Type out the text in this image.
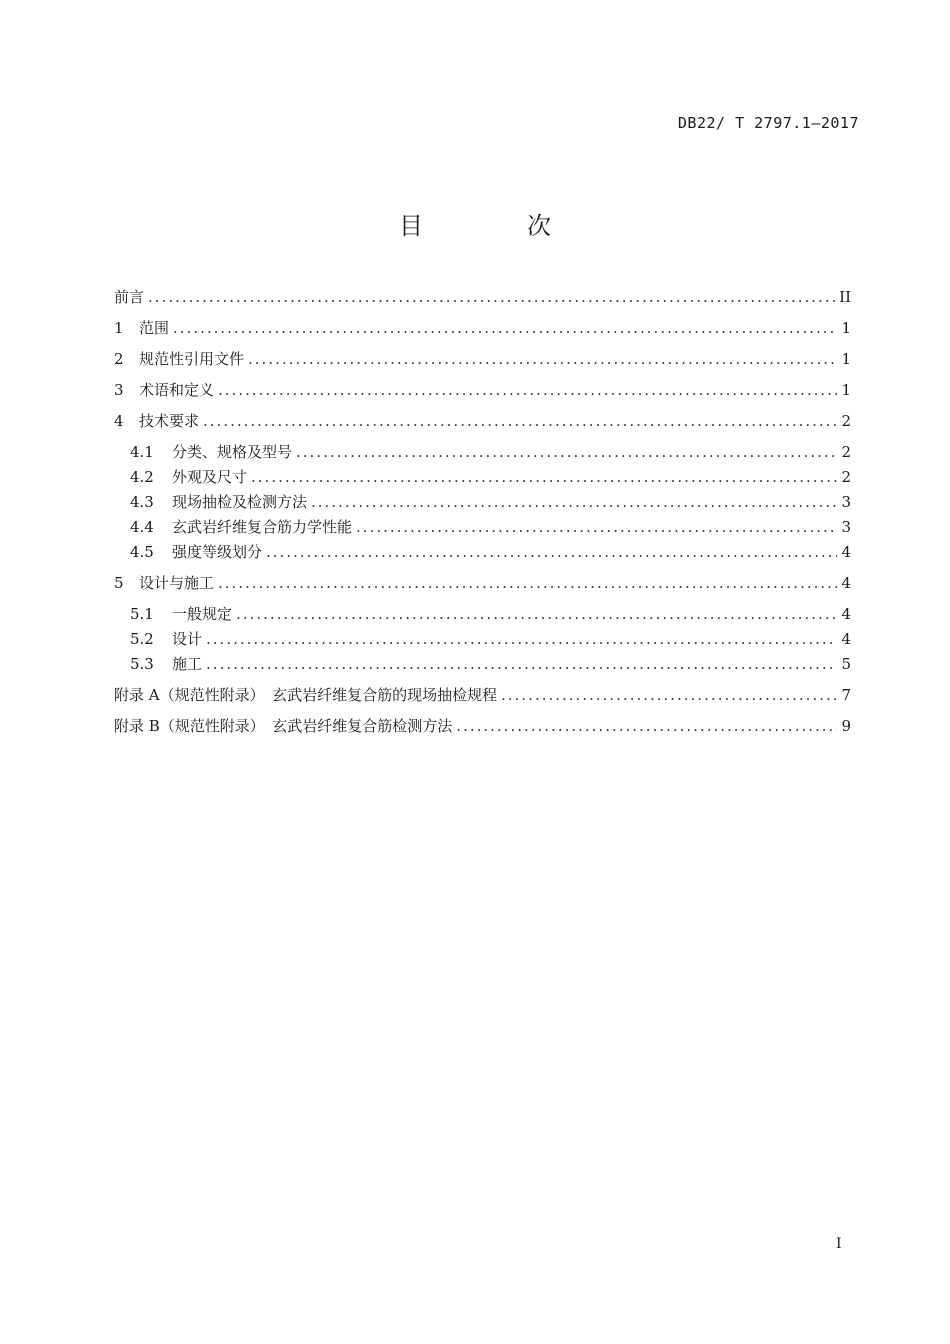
DB22/ T 2797.1—2017
目　次
前言 .....	II
1 范围 .....	1
2 规范性引用文件 .....	1
3 术语和定义 .....	1
4 技术要求 .....	2
4.1 分类、规格及型号 .....	2
4.2 外观及尺寸 .....	2
4.3 现场抽检及检测方法 .....	3
4.4 玄武岩纤维复合筋力学性能 .....	3
4.5 强度等级划分 .....	4
5 设计与施工 .....	4
5.1 一般规定 .....	4
5.2 设计 .....	4
5.3 施工 .....	5
附录 A（规范性附录）　玄武岩纤维复合筋的现场抽检规程 .....	7
附录 B（规范性附录）　玄武岩纤维复合筋检测方法 .....	9
I
